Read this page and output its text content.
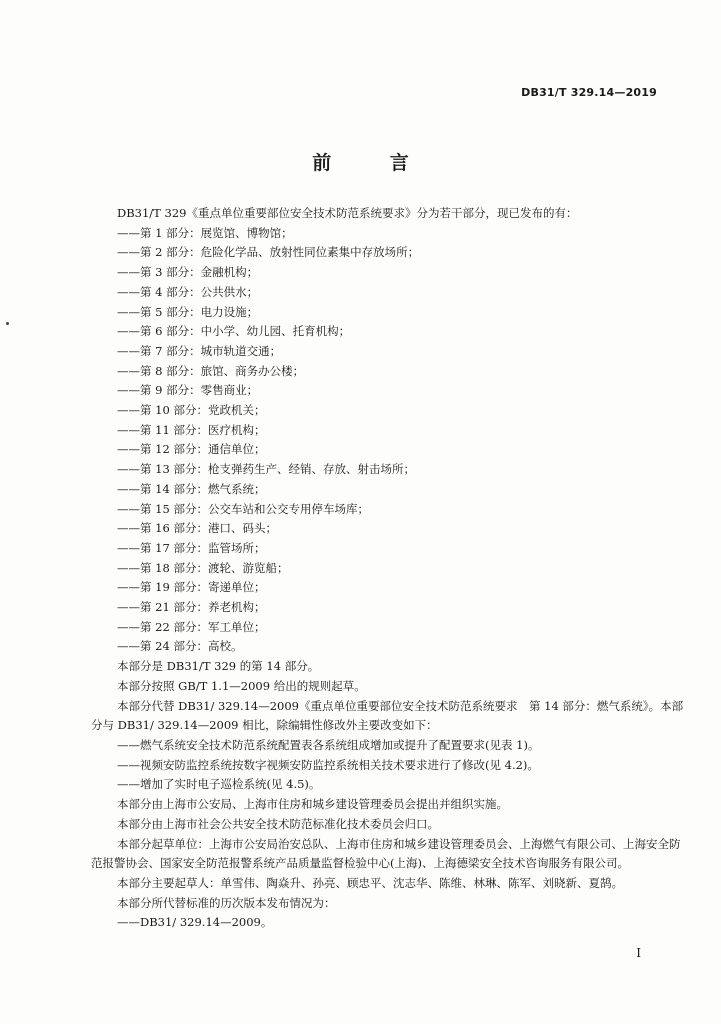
DB31/T 329.14—2019
前 言

DB31/T 329《重点单位重要部位安全技术防范系统要求》分为若干部分，现已发布的有：

——第 1 部分：展览馆、博物馆；

——第 2 部分：危险化学品、放射性同位素集中存放场所；

——第 3 部分：金融机构；

——第 4 部分：公共供水；

——第 5 部分：电力设施；

——第 6 部分：中小学、幼儿园、托育机构；

——第 7 部分：城市轨道交通；

——第 8 部分：旅馆、商务办公楼；

——第 9 部分：零售商业；

——第 10 部分：党政机关；

——第 11 部分：医疗机构；

——第 12 部分：通信单位；

——第 13 部分：枪支弹药生产、经销、存放、射击场所；

——第 14 部分：燃气系统；

——第 15 部分：公交车站和公交专用停车场库；

——第 16 部分：港口、码头；

——第 17 部分：监管场所；

——第 18 部分：渡轮、游览船；

——第 19 部分：寄递单位；

——第 21 部分：养老机构；

——第 22 部分：军工单位；

——第 24 部分：高校。

本部分是 DB31/T 329 的第 14 部分。

本部分按照 GB/T 1.1—2009 给出的规则起草。

本部分代替 DB31/ 329.14—2009《重点单位重要部位安全技术防范系统要求　第 14 部分：燃气系统》。本部分与 DB31/ 329.14—2009 相比，除编辑性修改外主要改变如下：

——燃气系统安全技术防范系统配置表各系统组成增加或提升了配置要求(见表 1)。

——视频安防监控系统按数字视频安防监控系统相关技术要求进行了修改(见 4.2)。

——增加了实时电子巡检系统(见 4.5)。

本部分由上海市公安局、上海市住房和城乡建设管理委员会提出并组织实施。

本部分由上海市社会公共安全技术防范标准化技术委员会归口。

本部分起草单位：上海市公安局治安总队、上海市住房和城乡建设管理委员会、上海燃气有限公司、上海安全防范报警协会、国家安全防范报警系统产品质量监督检验中心(上海)、上海德梁安全技术咨询服务有限公司。

本部分主要起草人：单雪伟、陶焱升、孙亮、顾忠平、沈志华、陈维、林琳、陈军、刘晓新、夏鹄。

本部分所代替标准的历次版本发布情况为：

——DB31/ 329.14—2009。

I
